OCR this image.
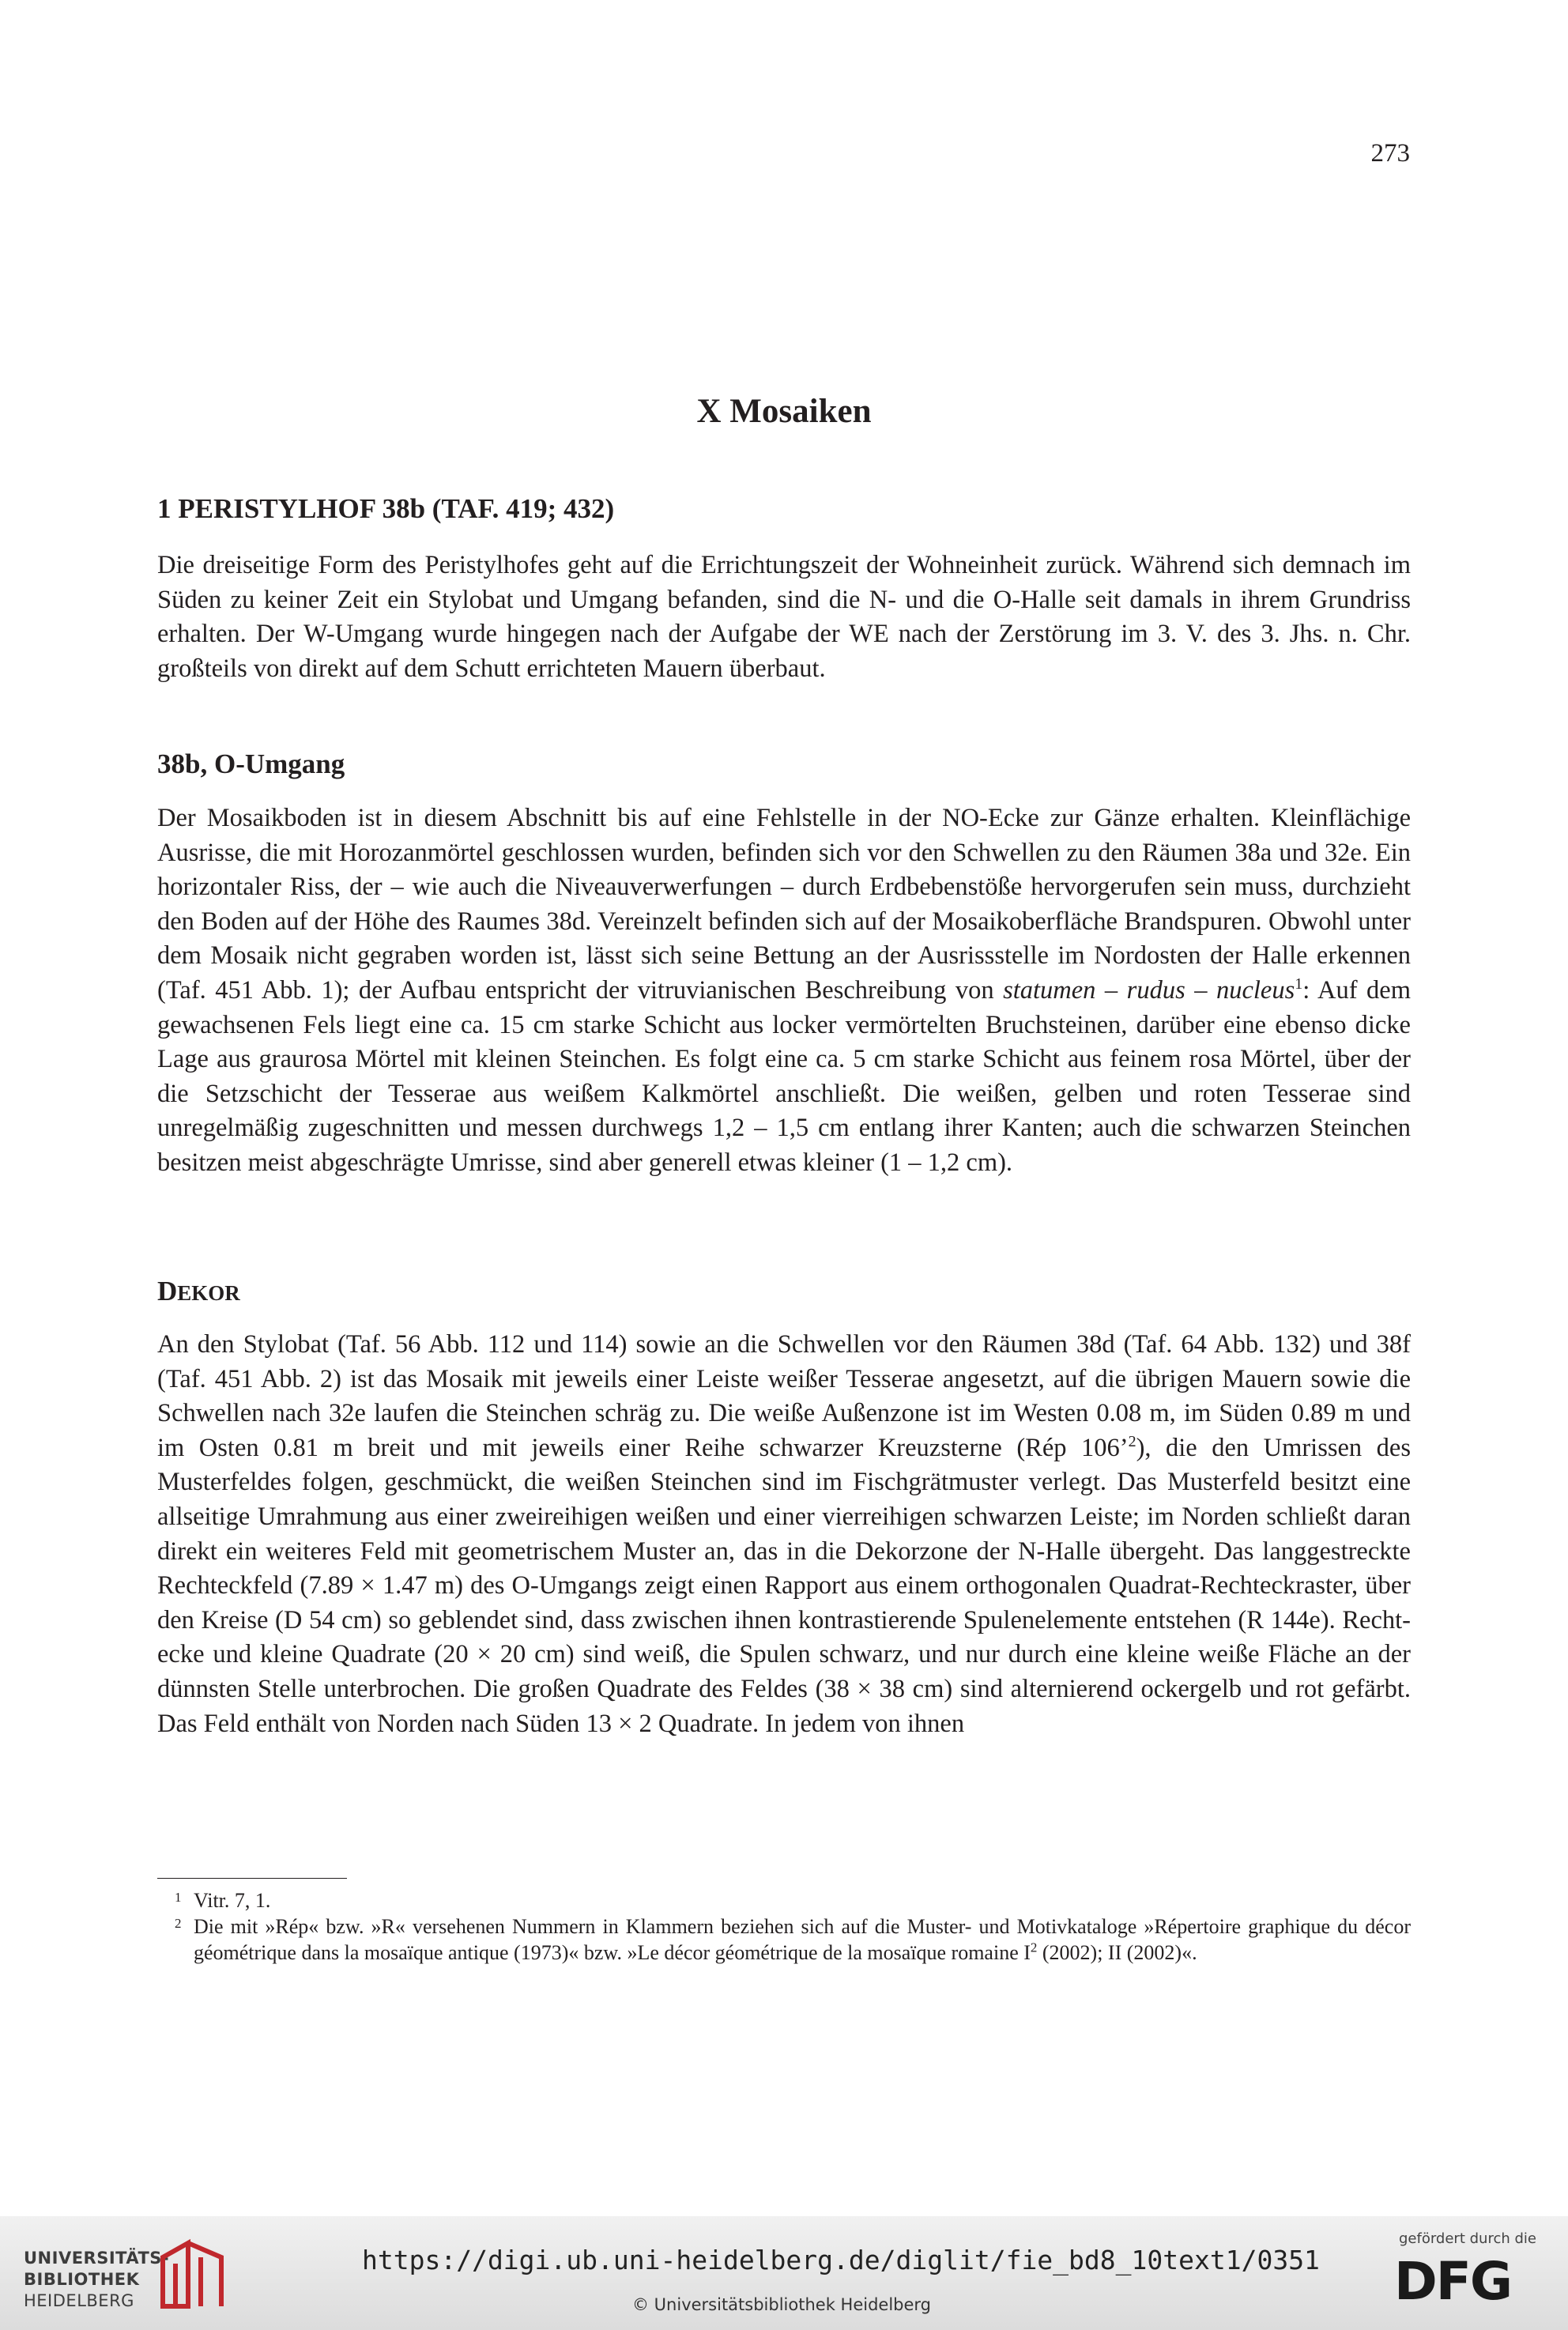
273
X Mosaiken
1 PERISTYLHOF 38b (TAF. 419; 432)

Die dreiseitige Form des Peristylhofes geht auf die Errichtungszeit der Wohneinheit zurück. Während sich demnach im Süden zu keiner Zeit ein Stylobat und Umgang befanden, sind die N- und die O-Halle seit damals in ihrem Grundriss erhalten. Der W-Umgang wurde hingegen nach der Aufgabe der WE nach der Zerstörung im 3. V. des 3. Jhs. n. Chr. großteils von direkt auf dem Schutt errichteten Mauern überbaut.

38b, O-Umgang

Der Mosaikboden ist in diesem Abschnitt bis auf eine Fehlstelle in der NO-Ecke zur Gänze erhalten. Kleinflächige Ausrisse, die mit Horozanmörtel geschlossen wurden, befinden sich vor den Schwellen zu den Räumen 38a und 32e. Ein horizontaler Riss, der – wie auch die Niveauverwerfungen – durch Erdbebenstöße hervorgerufen sein muss, durchzieht den Boden auf der Höhe des Raumes 38d. Vereinzelt befinden sich auf der Mosaikoberfläche Brandspuren. Obwohl unter dem Mosaik nicht gegraben worden ist, lässt sich seine Bettung an der Ausrissstelle im Nordosten der Halle erkennen (Taf. 451 Abb. 1); der Aufbau entspricht der vitruvianischen Beschreibung von statumen – rudus – nucleus$^1$: Auf dem gewachsenen Fels liegt eine ca. 15 cm starke Schicht aus locker vermörtelten Bruchsteinen, darüber eine ebenso dicke Lage aus graurosa Mörtel mit kleinen Steinchen. Es folgt eine ca. 5 cm starke Schicht aus feinem rosa Mörtel, über der die Setzschicht der Tesserae aus weißem Kalkmörtel anschließt. Die weißen, gelben und roten Tesserae sind unregelmäßig zugeschnitten und messen durchwegs 1,2 – 1,5 cm entlang ihrer Kanten; auch die schwarzen Steinchen besitzen meist abgeschrägte Umrisse, sind aber generell etwas kleiner (1 – 1,2 cm).

DEKOR

An den Stylobat (Taf. 56 Abb. 112 und 114) sowie an die Schwellen vor den Räumen 38d (Taf. 64 Abb. 132) und 38f (Taf. 451 Abb. 2) ist das Mosaik mit jeweils einer Leiste weißer Tesserae angesetzt, auf die übrigen Mauern sowie die Schwellen nach 32e laufen die Steinchen schräg zu. Die weiße Außenzone ist im Westen 0.08 m, im Süden 0.89 m und im Osten 0.81 m breit und mit jeweils einer Reihe schwarzer Kreuzsterne (Rép 106’$^2$), die den Umrissen des Musterfeldes folgen, geschmückt, die weißen Steinchen sind im Fischgrätmuster verlegt. Das Musterfeld besitzt eine allseitige Umrahmung aus einer zweireihigen weißen und einer vierreihigen schwarzen Leiste; im Norden schließt daran direkt ein weiteres Feld mit geometrischem Muster an, das in die Dekorzone der N-Halle übergeht. Das langgestreckte Rechteckfeld (7.89 × 1.47 m) des O-Umgangs zeigt einen Rapport aus einem orthogonalen Quadrat-Rechteckraster, über den Kreise (D 54 cm) so geblendet sind, dass zwischen ihnen kontrastierende Spulenelemente entstehen (R 144e). Rechtecke und kleine Quadrate (20 × 20 cm) sind weiß, die Spulen schwarz, und nur durch eine kleine weiße Fläche an der dünnsten Stelle unterbrochen. Die großen Quadrate des Feldes (38 × 38 cm) sind alternierend ockergelb und rot gefärbt. Das Feld enthält von Norden nach Süden 13 × 2 Quadrate. In jedem von ihnen

1 Vitr. 7, 1.
2 Die mit »Rép« bzw. »R« versehenen Nummern in Klammern beziehen sich auf die Muster- und Motivkataloge »Répertoire graphique du décor géométrique dans la mosaïque antique (1973)« bzw. »Le décor géométrique de la mosaïque romaine $I^2$ (2002); II (2002)«.
UNIVERSITÄTS-
BIBLIOTHEK
HEIDELBERG
https://digi.ub.uni-heidelberg.de/diglit/fie_bd8_10text1/0351
© Universitätsbibliothek Heidelberg
gefördert durch die
DFG
